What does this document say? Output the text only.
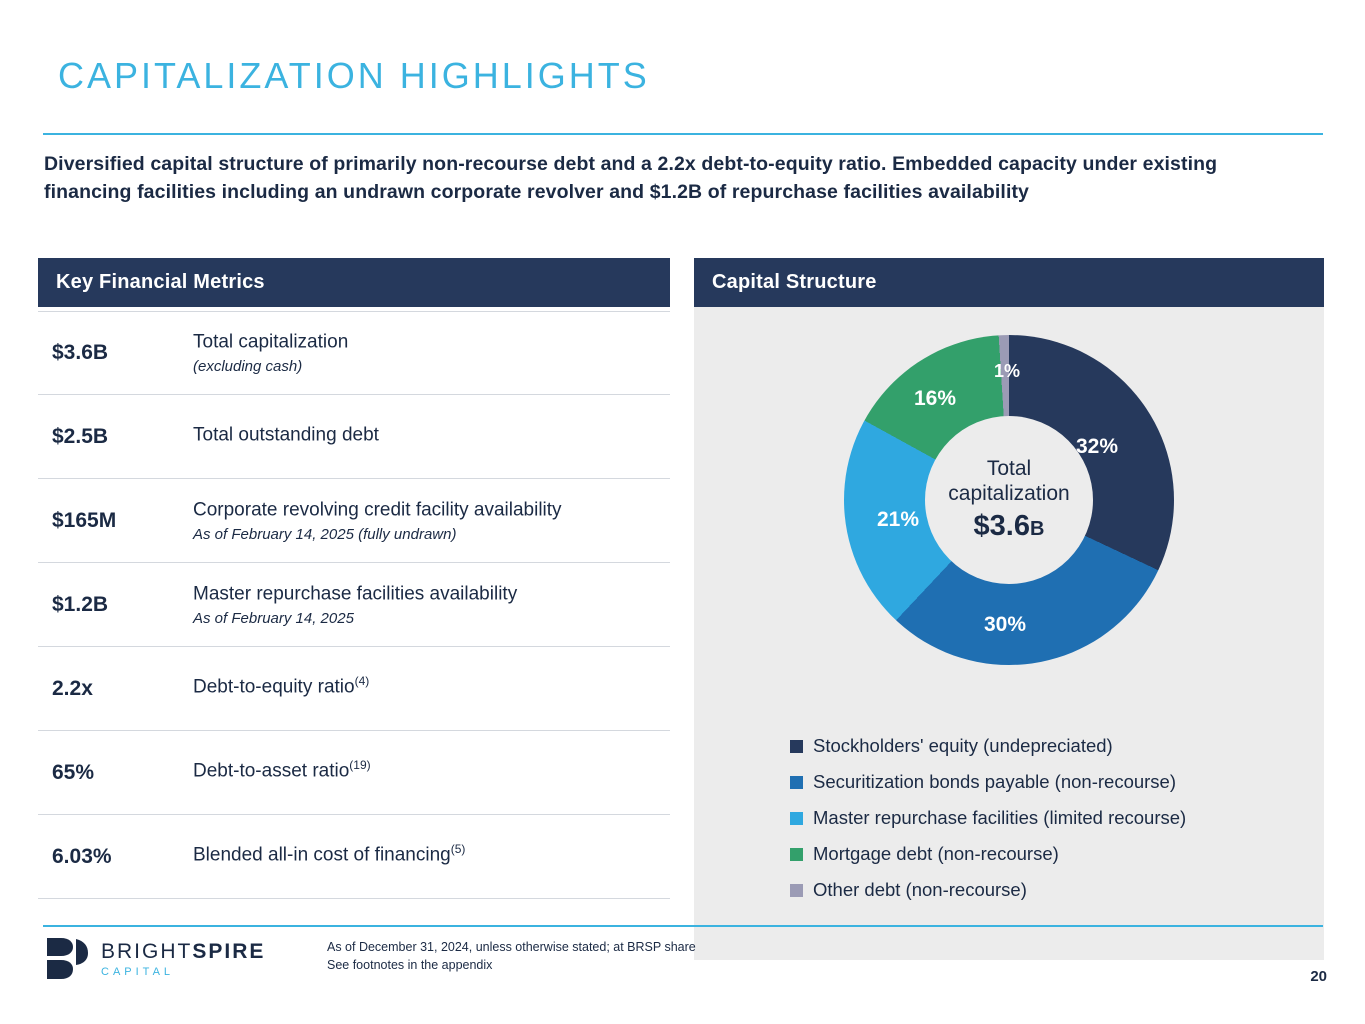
CAPITALIZATION HIGHLIGHTS
Diversified capital structure of primarily non-recourse debt and a 2.2x debt-to-equity ratio. Embedded capacity under existing financing facilities including an undrawn corporate revolver and $1.2B of repurchase facilities availability
Key Financial Metrics
$3.6B	Total capitalization
(excluding cash)
$2.5B	Total outstanding debt
$165M	Corporate revolving credit facility availability
As of February 14, 2025 (fully undrawn)
$1.2B	Master repurchase facilities availability
As of February 14, 2025
2.2x	Debt-to-equity ratio$^{(4)}$
65%	Debt-to-asset ratio$^{(19)}$
6.03%	Blended all-in cost of financing$^{(5)}$
Capital Structure
Total capitalization
$3.6B
32%
30%
21%
16%
1%
Stockholders' equity (undepreciated)
Securitization bonds payable (non-recourse)
Master repurchase facilities (limited recourse)
Mortgage debt (non-recourse)
Other debt (non-recourse)
BRIGHTSPIRE
CAPITAL
As of December 31, 2024, unless otherwise stated; at BRSP share
See footnotes in the appendix
20
